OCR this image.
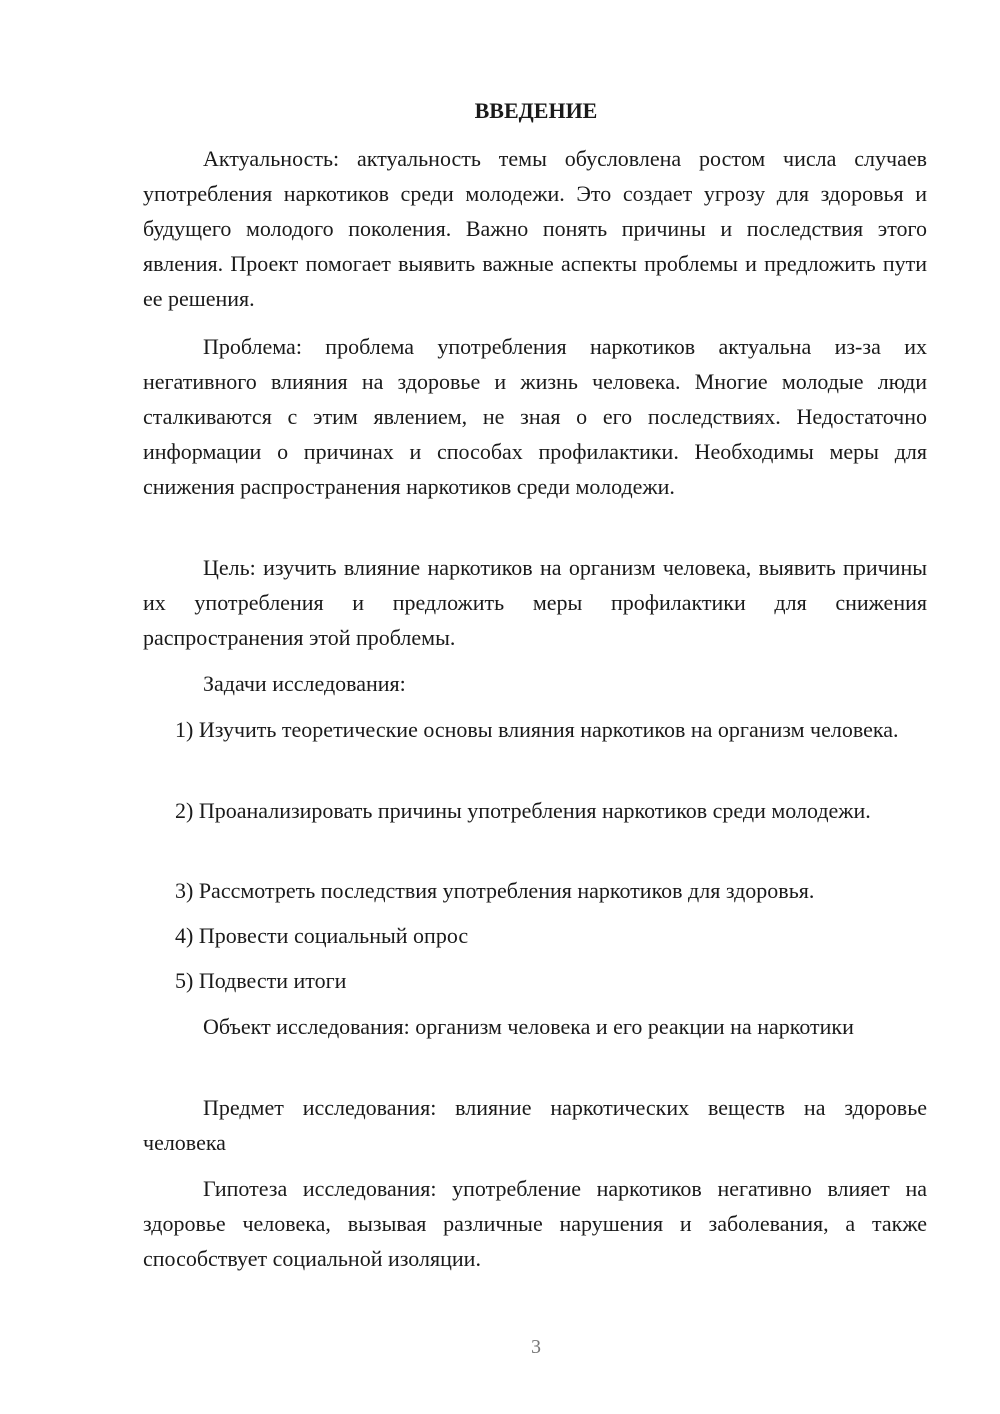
ВВЕДЕНИЕ

Актуальность: актуальность темы обусловлена ростом числа случаев употребления наркотиков среди молодежи. Это создает угрозу для здоровья и будущего молодого поколения. Важно понять причины и последствия этого явления. Проект помогает выявить важные аспекты проблемы и предложить пути ее решения.

Проблема: проблема употребления наркотиков актуальна из-за их негативного влияния на здоровье и жизнь человека. Многие молодые люди сталкиваются с этим явлением, не зная о его последствиях. Недостаточно информации о причинах и способах профилактики. Необходимы меры для снижения распространения наркотиков среди молодежи.

Цель: изучить влияние наркотиков на организм человека, выявить причины их употребления и предложить меры профилактики для снижения распространения этой проблемы.

Задачи исследования:

1) Изучить теоретические основы влияния наркотиков на организм человека.

2) Проанализировать причины употребления наркотиков среди молодежи.

3) Рассмотреть последствия употребления наркотиков для здоровья.

4) Провести социальный опрос

5) Подвести итоги

Объект исследования: организм человека и его реакции на наркотики

Предмет исследования: влияние наркотических веществ на здоровье человека

Гипотеза исследования: употребление наркотиков негативно влияет на здоровье человека, вызывая различные нарушения и заболевания, а также способствует социальной изоляции.

3
